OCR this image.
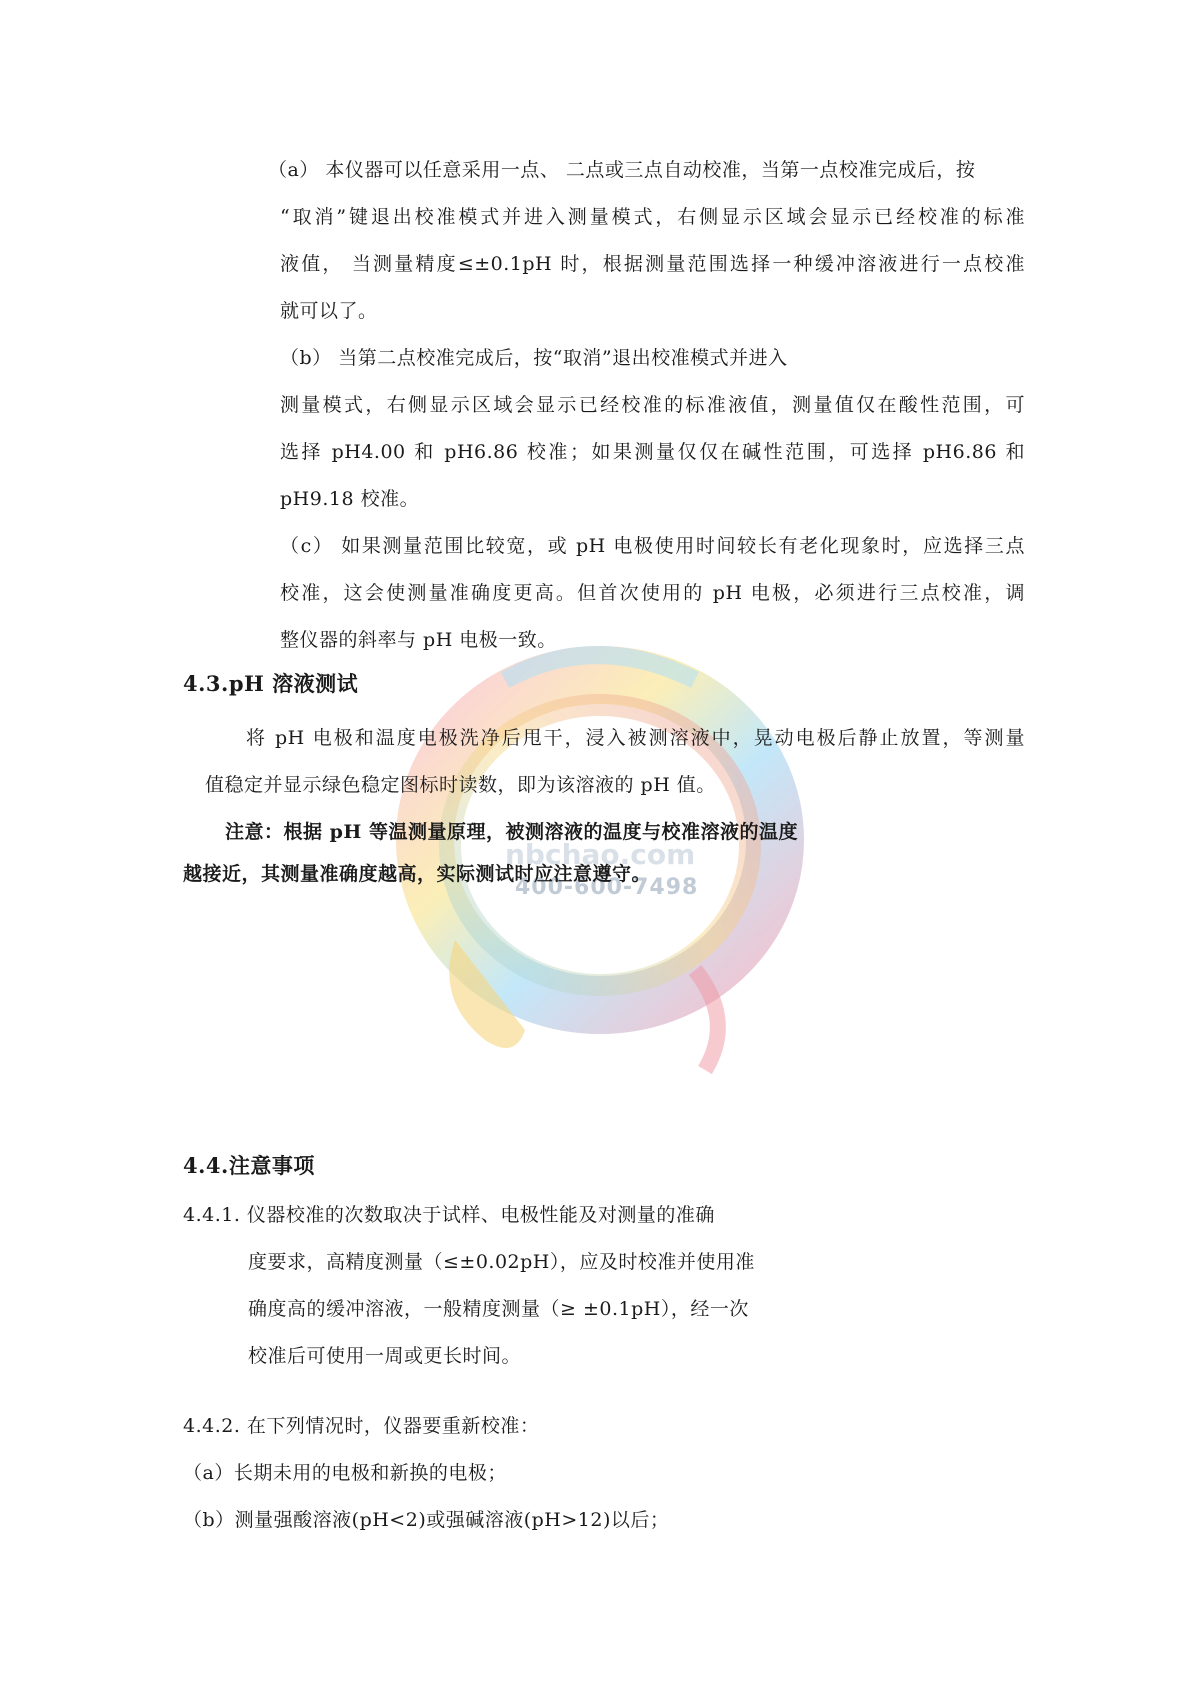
nbchao.com
400-600-7498
（a） 本仪器可以任意采用一点、 二点或三点自动校准，当第一点校准完成后，按
“取消”键退出校准模式并进入测量模式，右侧显示区域会显示已经校准的标准
液值， 当测量精度≤±0.1pH 时，根据测量范围选择一种缓冲溶液进行一点校准
就可以了。
（b） 当第二点校准完成后，按“取消”退出校准模式并进入
测量模式，右侧显示区域会显示已经校准的标准液值，测量值仅在酸性范围，可
选择 pH4.00 和 pH6.86 校准；如果测量仅仅在碱性范围，可选择 pH6.86 和
pH9.18 校准。
（c） 如果测量范围比较宽，或 pH 电极使用时间较长有老化现象时，应选择三点
校准，这会使测量准确度更高。但首次使用的 pH 电极，必须进行三点校准，调
整仪器的斜率与 pH 电极一致。
4.3.pH 溶液测试
将 pH 电极和温度电极洗净后甩干，浸入被测溶液中，晃动电极后静止放置，等测量
值稳定并显示绿色稳定图标时读数，即为该溶液的 pH 值。
注意：根据 pH 等温测量原理，被测溶液的温度与校准溶液的温度
越接近，其测量准确度越高，实际测试时应注意遵守。
4.4.注意事项
4.4.1. 仪器校准的次数取决于试样、电极性能及对测量的准确
度要求，高精度测量（≤±0.02pH），应及时校准并使用准
确度高的缓冲溶液，一般精度测量（≥ ±0.1pH），经一次
校准后可使用一周或更长时间。
4.4.2. 在下列情况时，仪器要重新校准：
（a）长期未用的电极和新换的电极；
（b）测量强酸溶液(pH<2)或强碱溶液(pH>12)以后；
